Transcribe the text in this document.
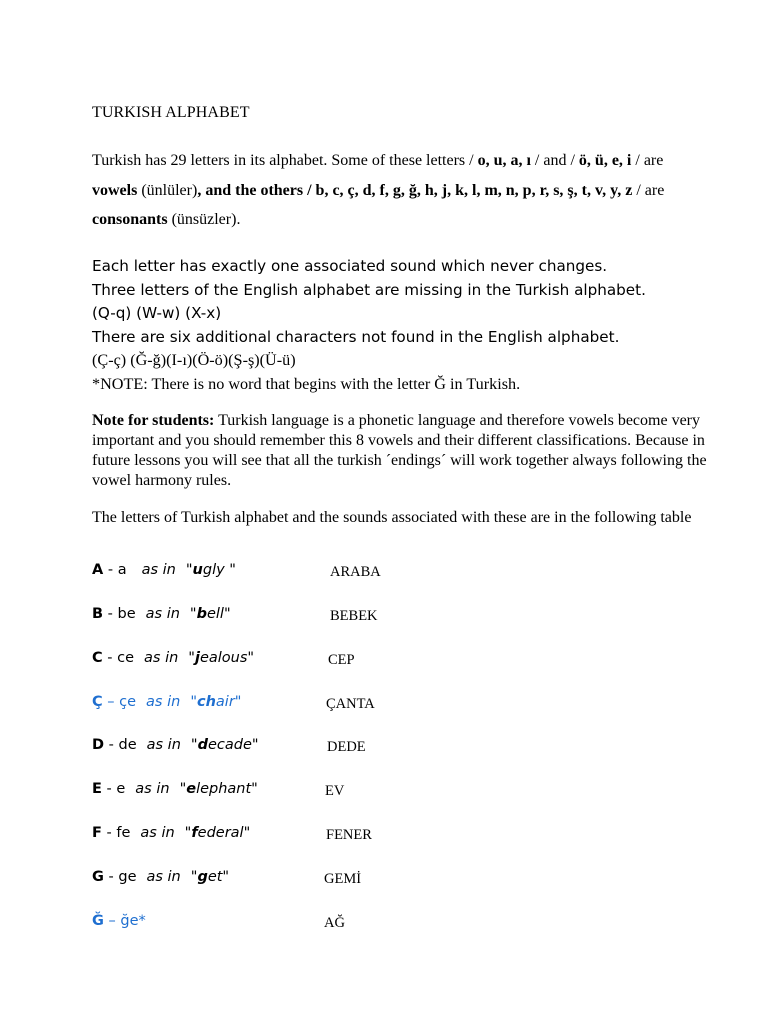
TURKISH ALPHABET
Turkish has 29 letters in its alphabet. Some of these letters / o, u, a, ı / and / ö, ü, e, i / are vowels (ünlüler), and the others / b, c, ç, d, f, g, ğ, h, j, k, l, m, n, p, r, s, ş, t, v, y, z / are consonants (ünsüzler).
Each letter has exactly one associated sound which never changes.
Three letters of the English alphabet are missing in the Turkish alphabet.
(Q-q) (W-w) (X-x)
There are six additional characters not found in the English alphabet.
(Ç-ç) (Ğ-ğ)(I-ı)(Ö-ö)(Ş-ş)(Ü-ü)
*NOTE: There is no word that begins with the letter Ğ in Turkish.
Note for students: Turkish language is a phonetic language and therefore vowels become very important and you should remember this 8 vowels and their different classifications. Because in future lessons you will see that all the turkish ´endings´ will work together always following the vowel harmony rules.
The letters of Turkish alphabet and the sounds associated with these are in the following table
A - a as in "ugly "	ARABA
B - be as in "bell"	BEBEK
C - ce as in "jealous"	CEP
Ç – çe as in "chair"	ÇANTA
D - de as in "decade"	DEDE
E - e as in "elephant"	EV
F - fe as in "federal"	FENER
G - ge as in "get"	GEMİ
Ğ – ğe*	AĞ
